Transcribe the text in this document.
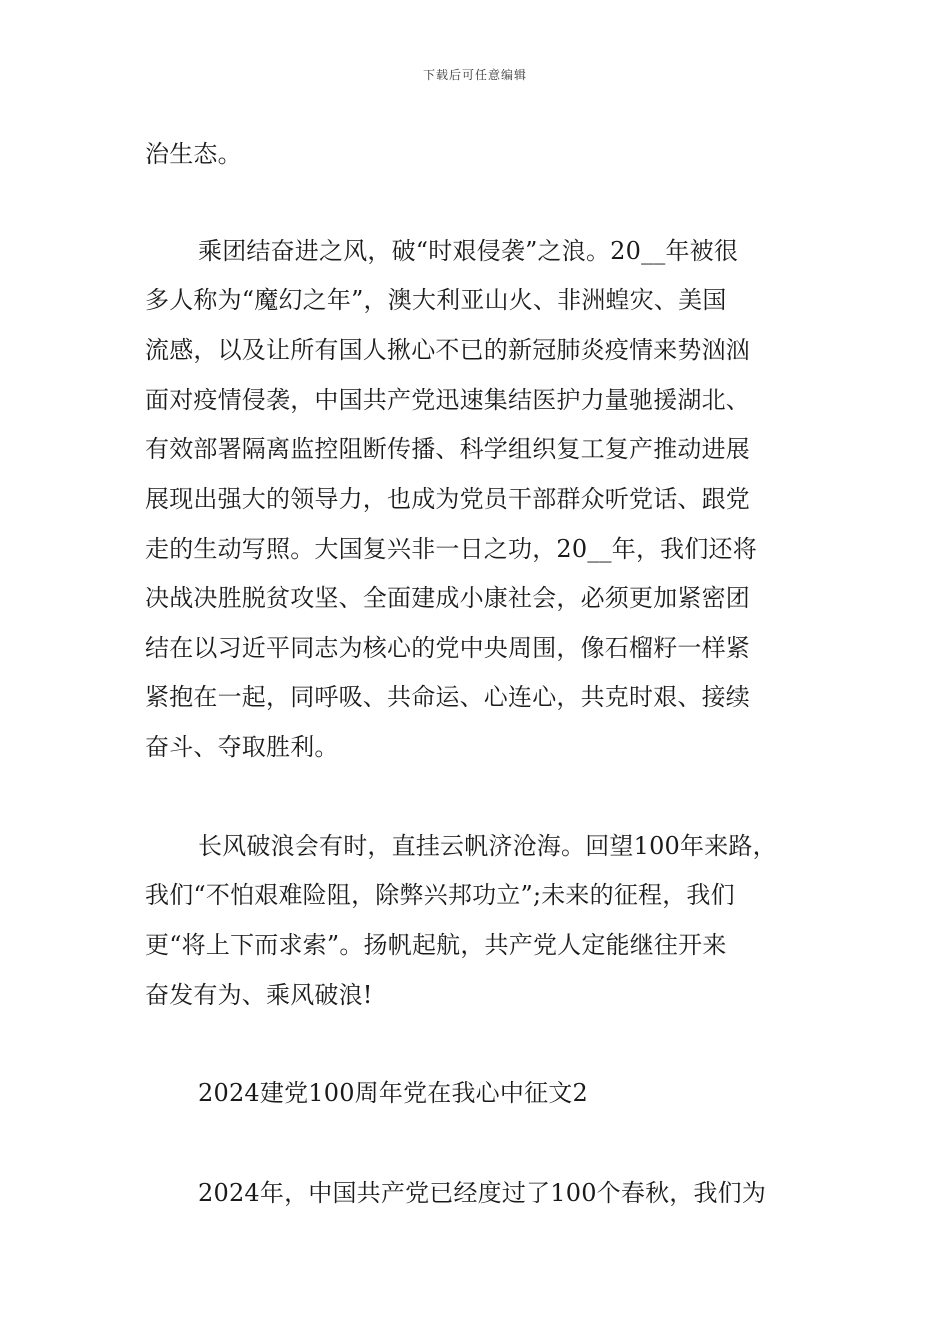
下载后可任意编辑
治生态。
乘团结奋进之风，破“时艰侵袭”之浪。20__年被很
多人称为“魔幻之年”，澳大利亚山火、非洲蝗灾、美国
流感，以及让所有国人揪心不已的新冠肺炎疫情来势汹汹
面对疫情侵袭，中国共产党迅速集结医护力量驰援湖北、
有效部署隔离监控阻断传播、科学组织复工复产推动进展
展现出强大的领导力，也成为党员干部群众听党话、跟党
走的生动写照。大国复兴非一日之功，20__年，我们还将
决战决胜脱贫攻坚、全面建成小康社会，必须更加紧密团
结在以习近平同志为核心的党中央周围，像石榴籽一样紧
紧抱在一起，同呼吸、共命运、心连心，共克时艰、接续
奋斗、夺取胜利。
长风破浪会有时，直挂云帆济沧海。回望100年来路，
我们“不怕艰难险阻，除弊兴邦功立”;未来的征程，我们
更“将上下而求索”。扬帆起航，共产党人定能继往开来
奋发有为、乘风破浪!
2024建党100周年党在我心中征文2
2024年，中国共产党已经度过了100个春秋，我们为
